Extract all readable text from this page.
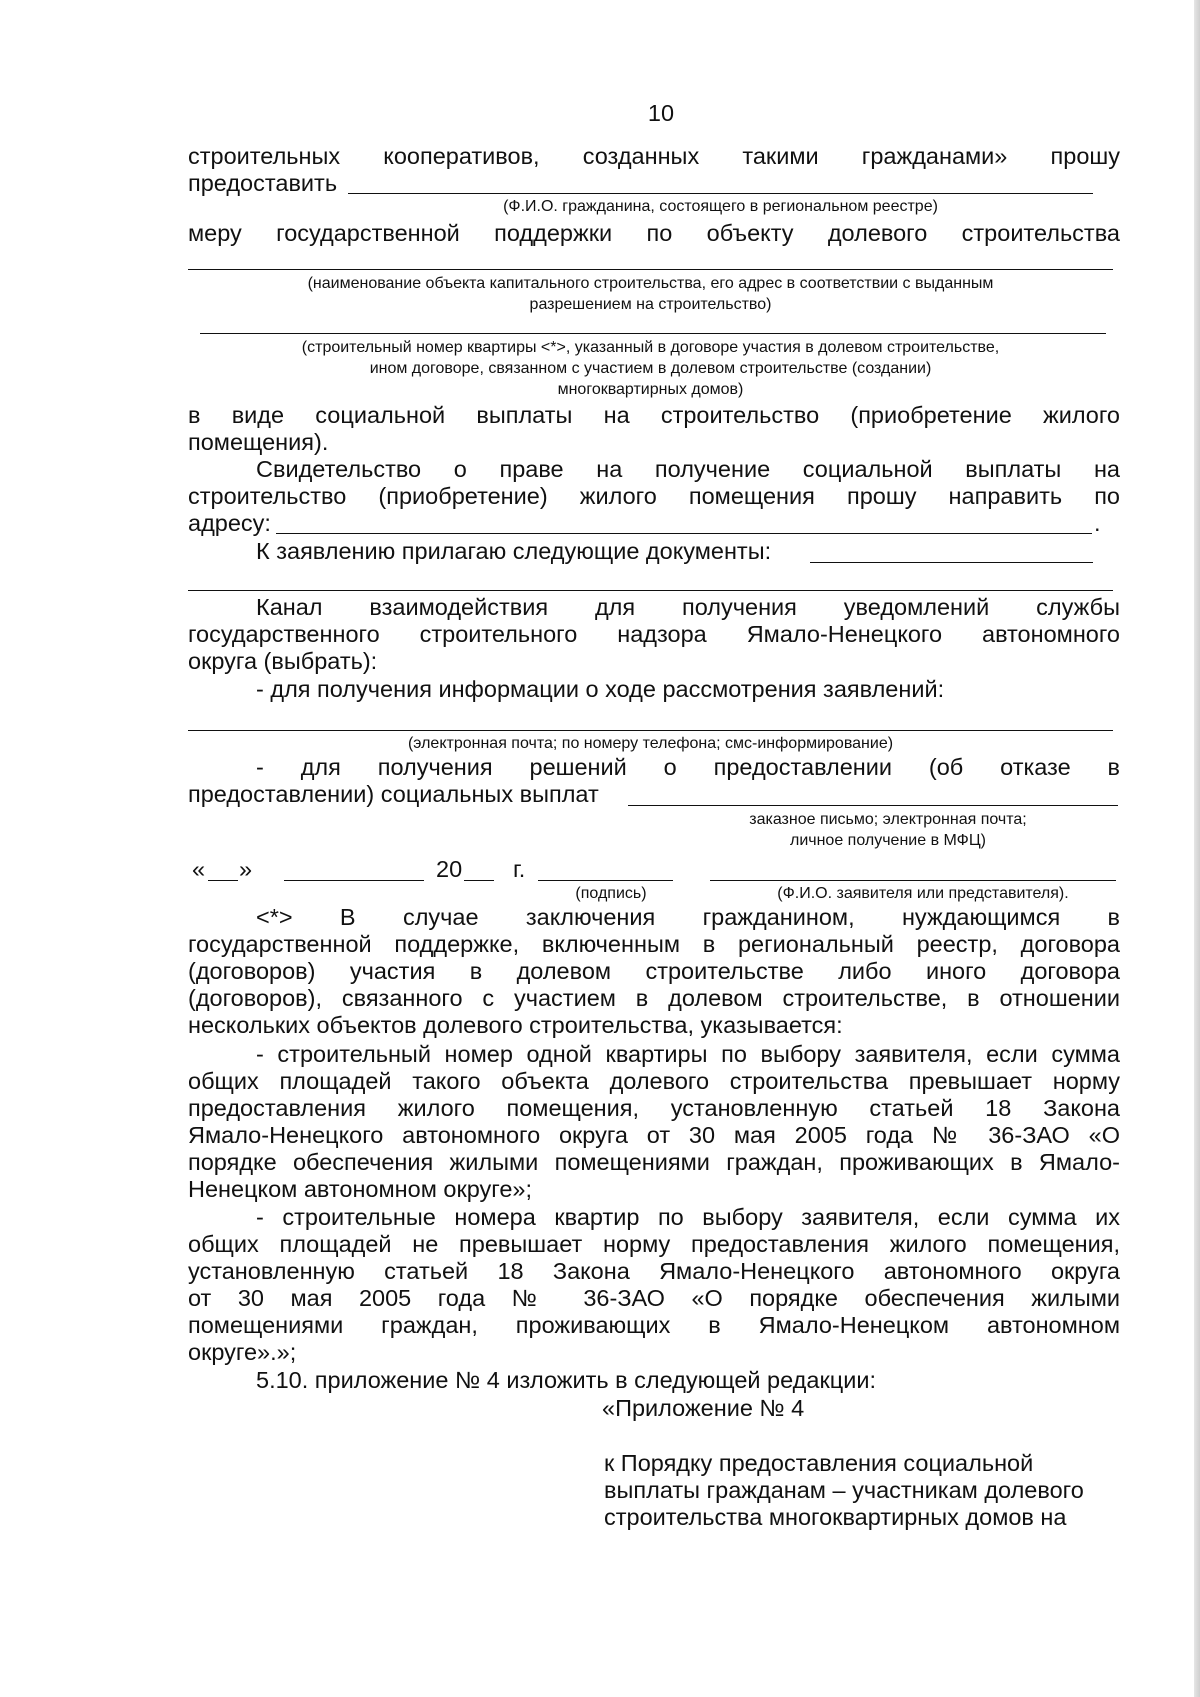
10
строительных кооперативов, созданных такими гражданами» прошу
предоставить
(Ф.И.О. гражданина, состоящего в региональном реестре)
меру государственной поддержки по объекту долевого строительства
(наименование объекта капитального строительства, его адрес в соответствии с выданным
разрешением на строительство)
(строительный номер квартиры <*>, указанный в договоре участия в долевом строительстве,
ином договоре, связанном с участием в долевом строительстве (создании)
многоквартирных домов)
в виде социальной выплаты на строительство (приобретение жилого
помещения).
Свидетельство о праве на получение социальной выплаты на
строительство (приобретение) жилого помещения прошу направить по
адресу:	.
К заявлению прилагаю следующие документы:
Канал взаимодействия для получения уведомлений службы
государственного строительного надзора Ямало-Ненецкого автономного
округа (выбрать):
- для получения информации о ходе рассмотрения заявлений:
(электронная почта; по номеру телефона; смс-информирование)
- для получения решений о предоставлении (об отказе в
предоставлении) социальных выплат
заказное письмо; электронная почта;
личное получение в МФЦ)
« »	20 г.
(подпись)	(Ф.И.О. заявителя или представителя).
<*> В случае заключения гражданином, нуждающимся в
государственной поддержке, включенным в региональный реестр, договора
(договоров) участия в долевом строительстве либо иного договора
(договоров), связанного с участием в долевом строительстве, в отношении
нескольких объектов долевого строительства, указывается:
- строительный номер одной квартиры по выбору заявителя, если сумма
общих площадей такого объекта долевого строительства превышает норму
предоставления жилого помещения, установленную статьей 18 Закона
Ямало-Ненецкого автономного округа от 30 мая 2005 года № 36-ЗАО «О
порядке обеспечения жилыми помещениями граждан, проживающих в Ямало-
Ненецком автономном округе»;
- строительные номера квартир по выбору заявителя, если сумма их
общих площадей не превышает норму предоставления жилого помещения,
установленную статьей 18 Закона Ямало-Ненецкого автономного округа
от 30 мая 2005 года № 36-ЗАО «О порядке обеспечения жилыми
помещениями граждан, проживающих в Ямало-Ненецком автономном
округе».»;
5.10. приложение № 4 изложить в следующей редакции:
«Приложение № 4
к Порядку предоставления социальной
выплаты гражданам – участникам долевого
строительства многоквартирных домов на
